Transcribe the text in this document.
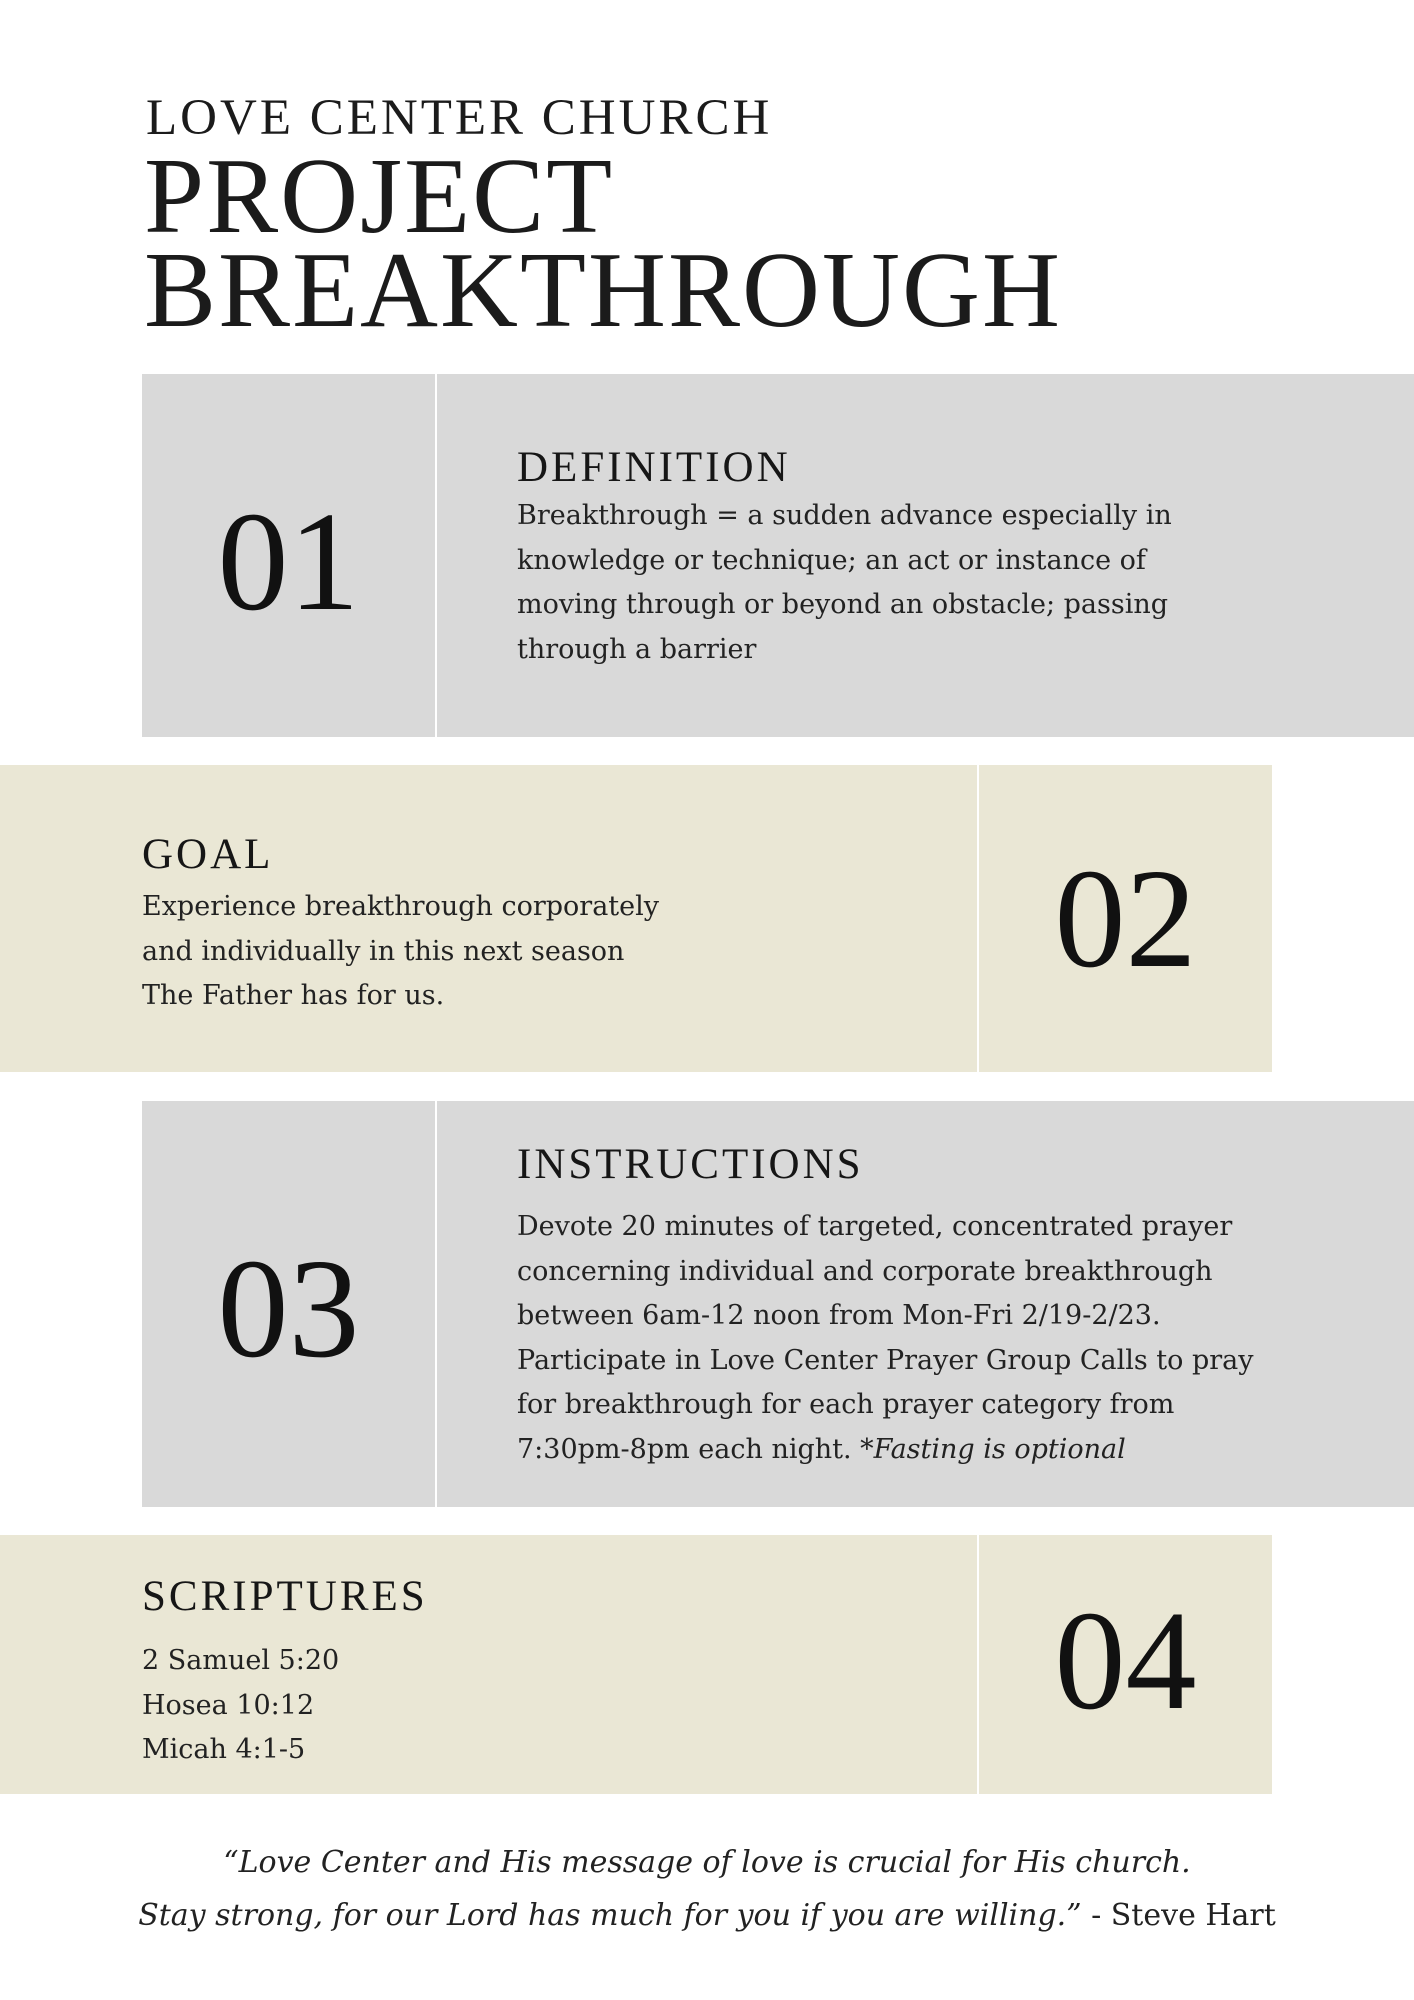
LOVE CENTER CHURCH
PROJECT
BREAKTHROUGH
01
DEFINITION

Breakthrough = a sudden advance especially in

knowledge or technique; an act or instance of

moving through or beyond an obstacle; passing

through a barrier

GOAL

Experience breakthrough corporately

and individually in this next season

The Father has for us.	02
03
INSTRUCTIONS

Devote 20 minutes of targeted, concentrated prayer

concerning individual and corporate breakthrough

between 6am-12 noon from Mon-Fri 2/19-2/23.

Participate in Love Center Prayer Group Calls to pray

for breakthrough for each prayer category from

7:30pm-8pm each night. *Fasting is optional

SCRIPTURES

2 Samuel 5:20

Hosea 10:12

Micah 4:1-5

04

“Love Center and His message of love is crucial for His church.

Stay strong, for our Lord has much for you if you are willing.” - Steve Hart
